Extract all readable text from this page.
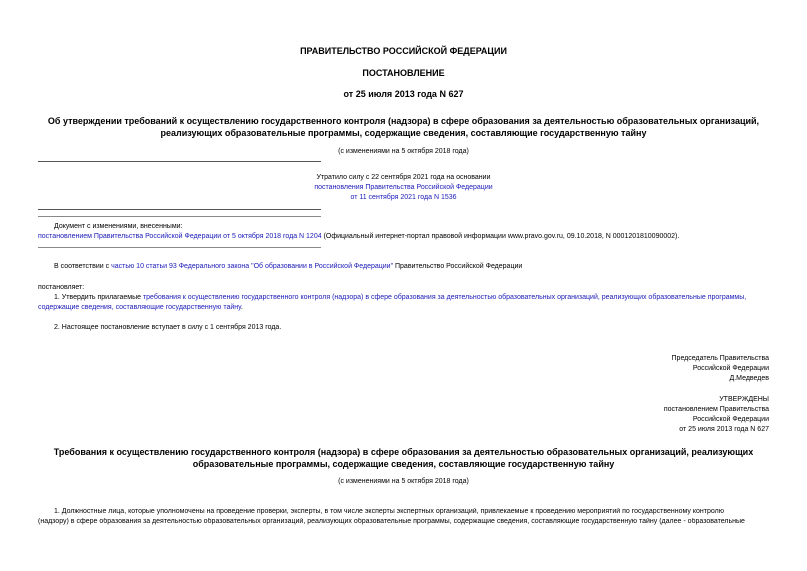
ПРАВИТЕЛЬСТВО РОССИЙСКОЙ ФЕДЕРАЦИИ
ПОСТАНОВЛЕНИЕ
от 25 июля 2013 года N 627
Об утверждении требований к осуществлению государственного контроля (надзора) в сфере образования за деятельностью образовательных организаций,
реализующих образовательные программы, содержащие сведения, составляющие государственную тайну
(с изменениями на 5 октября 2018 года)
Утратило силу с 22 сентября 2021 года на основании
постановления Правительства Российской Федерации
от 11 сентября 2021 года N 1536
Документ с изменениями, внесенными:
постановлением Правительства Российской Федерации от 5 октября 2018 года N 1204 (Официальный интернет-портал правовой информации www.pravo.gov.ru, 09.10.2018, N 0001201810090002).
В соответствии с частью 10 статьи 93 Федерального закона "Об образовании в Российской Федерации" Правительство Российской Федерации
постановляет:
1. Утвердить прилагаемые требования к осуществлению государственного контроля (надзора) в сфере образования за деятельностью образовательных организаций, реализующих образовательные программы,
содержащие сведения, составляющие государственную тайну.
2. Настоящее постановление вступает в силу с 1 сентября 2013 года.
Председатель Правительства
Российской Федерации
Д.Медведев
УТВЕРЖДЕНЫ
постановлением Правительства
Российской Федерации
от 25 июля 2013 года N 627
Требования к осуществлению государственного контроля (надзора) в сфере образования за деятельностью образовательных организаций, реализующих
образовательные программы, содержащие сведения, составляющие государственную тайну
(с изменениями на 5 октября 2018 года)
1. Должностные лица, которые уполномочены на проведение проверки, эксперты, в том числе эксперты экспертных организаций, привлекаемые к проведению мероприятий по государственному контролю
(надзору) в сфере образования за деятельностью образовательных организаций, реализующих образовательные программы, содержащие сведения, составляющие государственную тайну (далее - образовательные
